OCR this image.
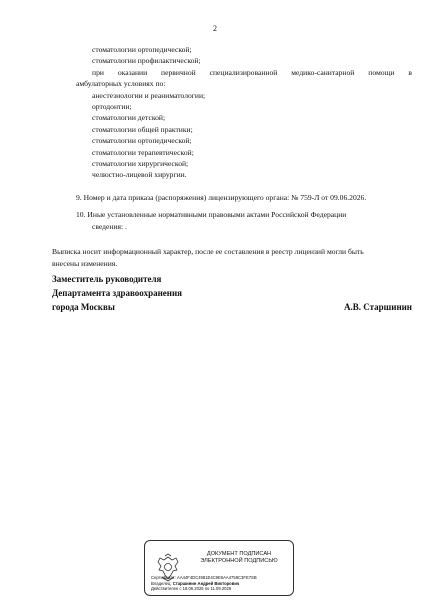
2
стоматологии ортопедической;
стоматологии профилактической;
при оказании первичной специализированной медико-санитарной помощи в
амбулаторных условиях по:
анестезиологии и реаниматологии;
ортодонтии;
стоматологии детской;
стоматологии общей практики;
стоматологии ортопедической;
стоматологии терапевтической;
стоматологии хирургической;
челюстно-лицевой хирургии.
9. Номер и дата приказа (распоряжения) лицензирующего органа: № 759-Л от 09.06.2026.
10. Иные установленные нормативными правовыми актами Российской Федерации
сведения: .
Выписка носит информационный характер, после ее составления в реестр лицензий могли быть
внесены изменения.
Заместитель руководителя
Департамента здравоохранения
города Москвы	А.В. Старшинин
ДОКУМЕНТ ПОДПИСАН
ЭЛЕКТРОННОЙ ПОДПИСЬЮ
Сертификат: AA44F4DC4981E4C9E6AA4759C3FE7SB
Владелец: Старшинин Андрей Викторович
Действителен с 18.06.2025 по 11.09.2026
